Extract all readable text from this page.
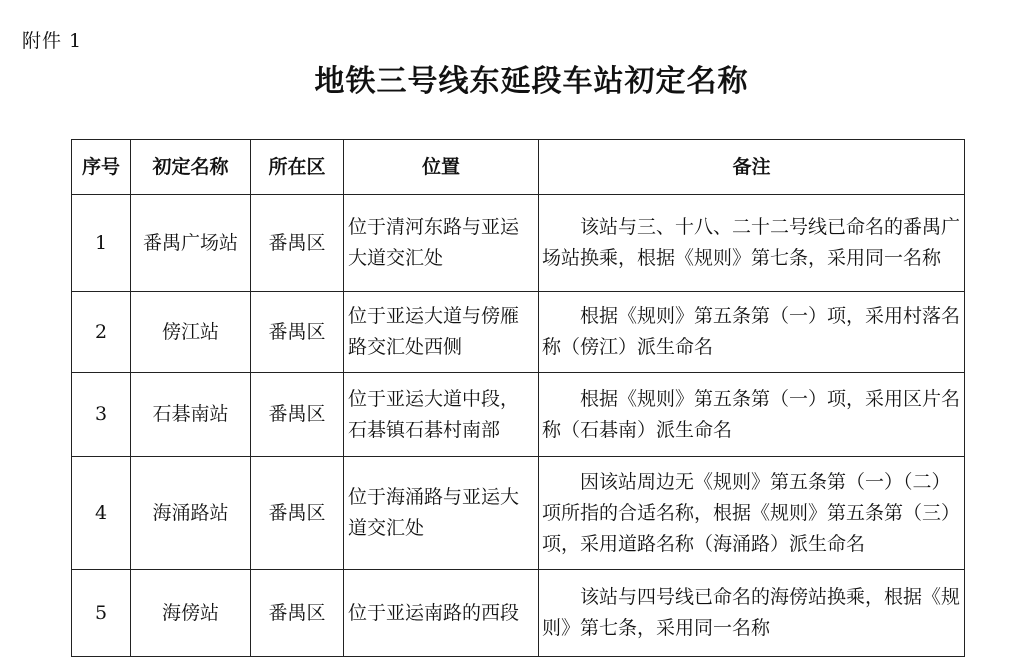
附件 1
地铁三号线东延段车站初定名称
序号	初定名称	所在区	位置	备注
1	番禺广场站	番禺区	位于清河东路与亚运大道交汇处	该站与三、十八、二十二号线已命名的番禺广场站换乘，根据《规则》第七条，采用同一名称

2	傍江站	番禺区	位于亚运大道与傍雁路交汇处西侧	根据《规则》第五条第（一）项，采用村落名称（傍江）派生命名

3	石碁南站	番禺区	位于亚运大道中段，石碁镇石碁村南部	根据《规则》第五条第（一）项，采用区片名称（石碁南）派生命名

4	海涌路站	番禺区	位于海涌路与亚运大道交汇处	因该站周边无《规则》第五条第（一）（二）项所指的合适名称，根据《规则》第五条第（三）项，采用道路名称（海涌路）派生命名

5	海傍站	番禺区	位于亚运南路的西段	该站与四号线已命名的海傍站换乘，根据《规则》第七条，采用同一名称
